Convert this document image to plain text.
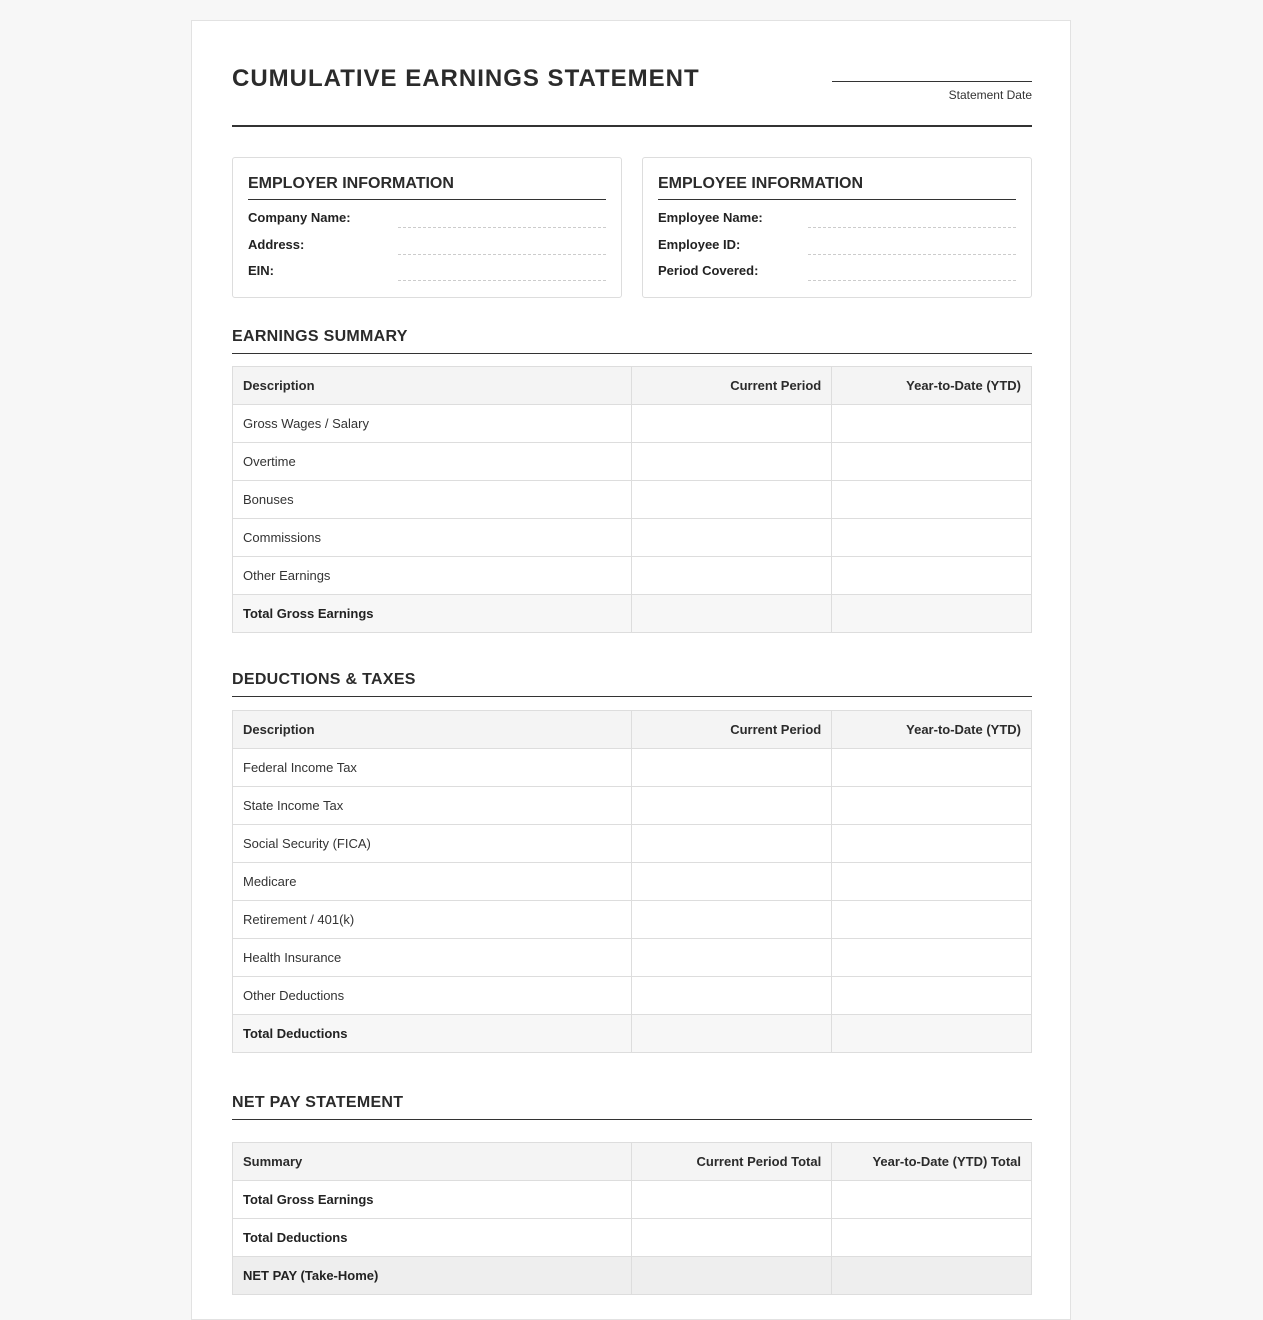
CUMULATIVE EARNINGS STATEMENT
Statement Date
EMPLOYER INFORMATION
Company Name:
Address:
EIN:
EMPLOYEE INFORMATION
Employee Name:
Employee ID:
Period Covered:
EARNINGS SUMMARY
Description	Current Period	Year-to-Date (YTD)
Gross Wages / Salary		
Overtime		
Bonuses		
Commissions		
Other Earnings		
Total Gross Earnings		
DEDUCTIONS & TAXES
Description	Current Period	Year-to-Date (YTD)
Federal Income Tax		
State Income Tax		
Social Security (FICA)		
Medicare		
Retirement / 401(k)		
Health Insurance		
Other Deductions		
Total Deductions		
NET PAY STATEMENT
Summary	Current Period Total	Year-to-Date (YTD) Total
Total Gross Earnings		
Total Deductions		
NET PAY (Take-Home)		
